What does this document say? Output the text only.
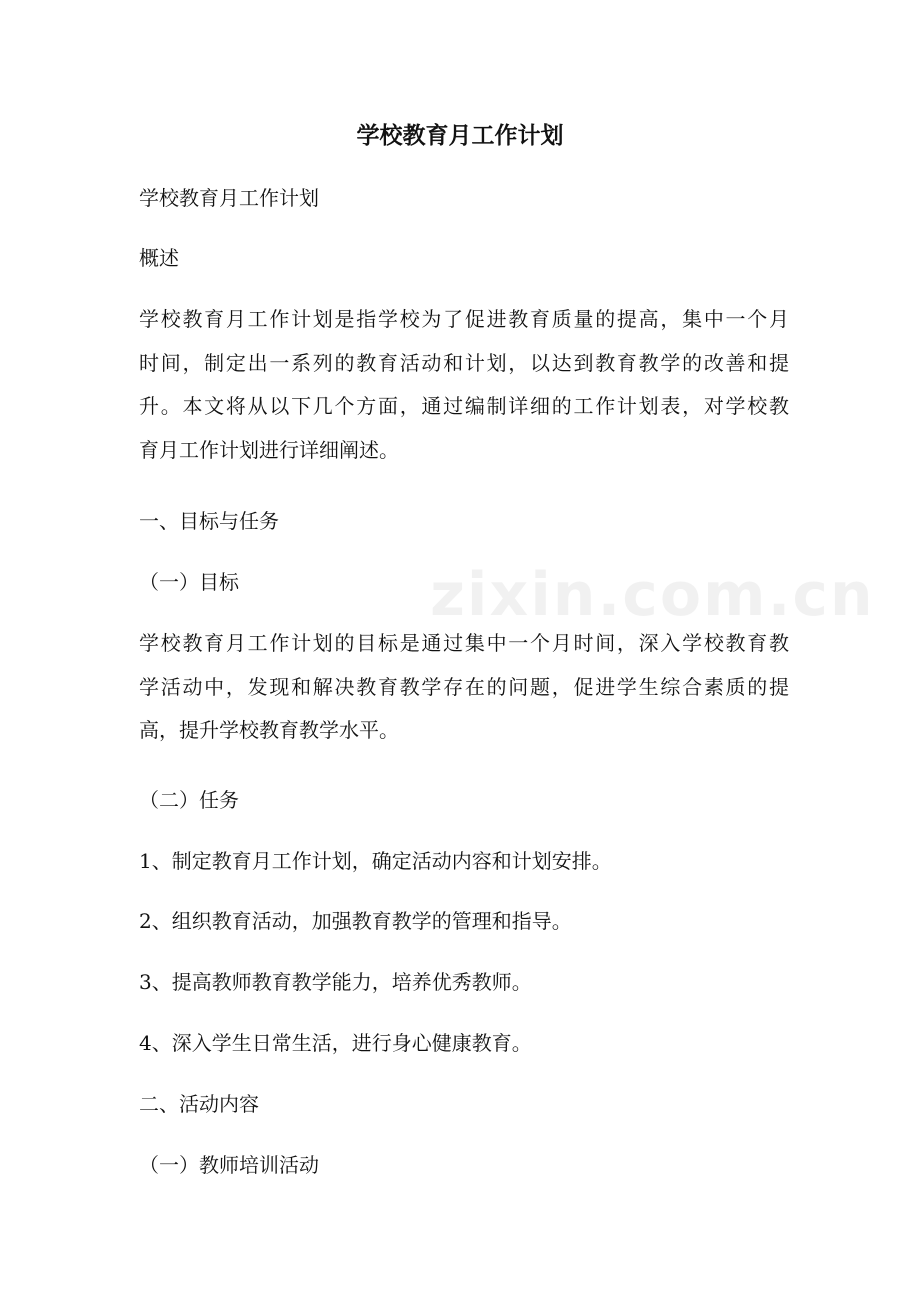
zixin.com.cn
学校教育月工作计划

学校教育月工作计划

概述

学校教育月工作计划是指学校为了促进教育质量的提高，集中一个月
时间，制定出一系列的教育活动和计划，以达到教育教学的改善和提
升。本文将从以下几个方面，通过编制详细的工作计划表，对学校教
育月工作计划进行详细阐述。

一、目标与任务

（一）目标

学校教育月工作计划的目标是通过集中一个月时间，深入学校教育教
学活动中，发现和解决教育教学存在的问题，促进学生综合素质的提
高，提升学校教育教学水平。

（二）任务

1、制定教育月工作计划，确定活动内容和计划安排。

2、组织教育活动，加强教育教学的管理和指导。

3、提高教师教育教学能力，培养优秀教师。

4、深入学生日常生活，进行身心健康教育。

二、活动内容

（一）教师培训活动
